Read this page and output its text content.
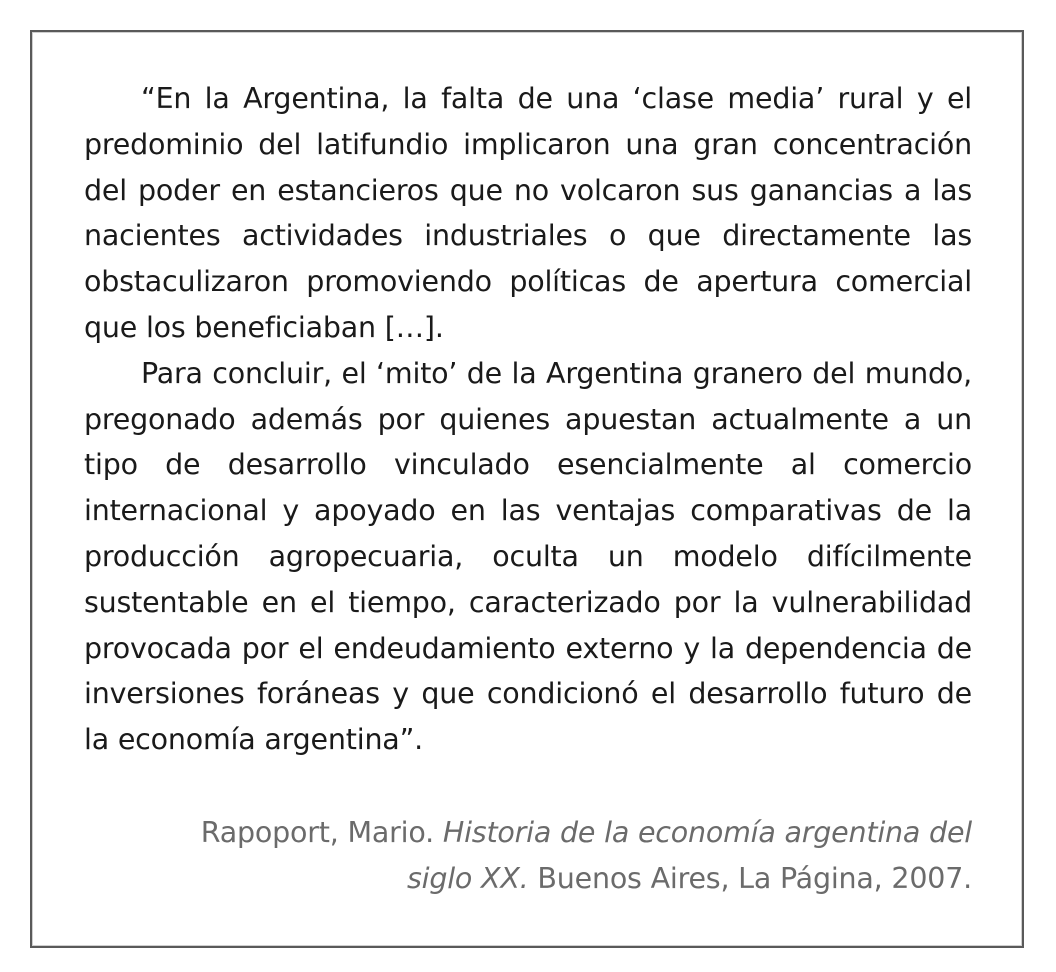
“En la Argentina, la falta de una ‘clase media’ rural y el predominio del latifundio implicaron una gran concentración del poder en estancieros que no volcaron sus ganancias a las nacientes actividades industriales o que directamente las obstaculizaron promoviendo políticas de apertura comercial que los beneficiaban […].

Para concluir, el ‘mito’ de la Argentina granero del mundo, pregonado además por quienes apuestan actualmente a un tipo de desarrollo vinculado esencialmente al comercio internacional y apoyado en las ventajas comparativas de la producción agropecuaria, oculta un modelo difícilmente sustentable en el tiempo, caracterizado por la vulnerabilidad provocada por el endeudamiento externo y la dependencia de inversiones foráneas y que condicionó el desarrollo futuro de la economía argentina”.

Rapoport, Mario. Historia de la economía argentina del siglo XX. Buenos Aires, La Página, 2007.
